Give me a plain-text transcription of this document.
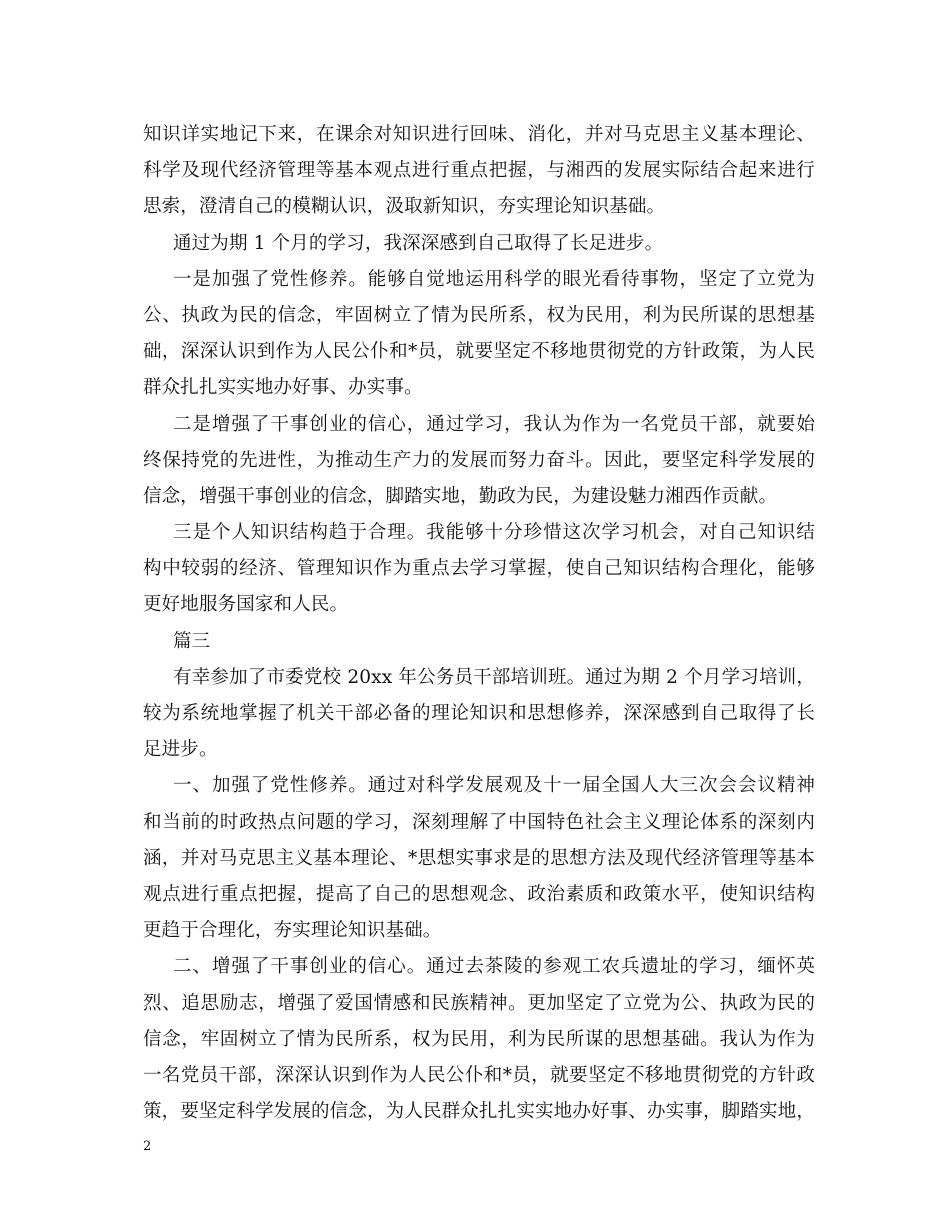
知识详实地记下来，在课余对知识进行回味、消化，并对马克思主义基本理论、
科学及现代经济管理等基本观点进行重点把握，与湘西的发展实际结合起来进行
思索，澄清自己的模糊认识，汲取新知识，夯实理论知识基础。
通过为期 1 个月的学习，我深深感到自己取得了长足进步。
一是加强了党性修养。能够自觉地运用科学的眼光看待事物，坚定了立党为
公、执政为民的信念，牢固树立了情为民所系，权为民用，利为民所谋的思想基
础，深深认识到作为人民公仆和*员，就要坚定不移地贯彻党的方针政策，为人民
群众扎扎实实地办好事、办实事。
二是增强了干事创业的信心，通过学习，我认为作为一名党员干部，就要始
终保持党的先进性，为推动生产力的发展而努力奋斗。因此，要坚定科学发展的
信念，增强干事创业的信念，脚踏实地，勤政为民，为建设魅力湘西作贡献。
三是个人知识结构趋于合理。我能够十分珍惜这次学习机会，对自己知识结
构中较弱的经济、管理知识作为重点去学习掌握，使自己知识结构合理化，能够
更好地服务国家和人民。
篇三
有幸参加了市委党校 20xx 年公务员干部培训班。通过为期 2 个月学习培训，
较为系统地掌握了机关干部必备的理论知识和思想修养，深深感到自己取得了长
足进步。
一、加强了党性修养。通过对科学发展观及十一届全国人大三次会会议精神
和当前的时政热点问题的学习，深刻理解了中国特色社会主义理论体系的深刻内
涵，并对马克思主义基本理论、*思想实事求是的思想方法及现代经济管理等基本
观点进行重点把握，提高了自己的思想观念、政治素质和政策水平，使知识结构
更趋于合理化，夯实理论知识基础。
二、增强了干事创业的信心。通过去茶陵的参观工农兵遗址的学习，缅怀英
烈、追思励志，增强了爱国情感和民族精神。更加坚定了立党为公、执政为民的
信念，牢固树立了情为民所系，权为民用，利为民所谋的思想基础。我认为作为
一名党员干部，深深认识到作为人民公仆和*员，就要坚定不移地贯彻党的方针政
策，要坚定科学发展的信念，为人民群众扎扎实实地办好事、办实事，脚踏实地，
2
